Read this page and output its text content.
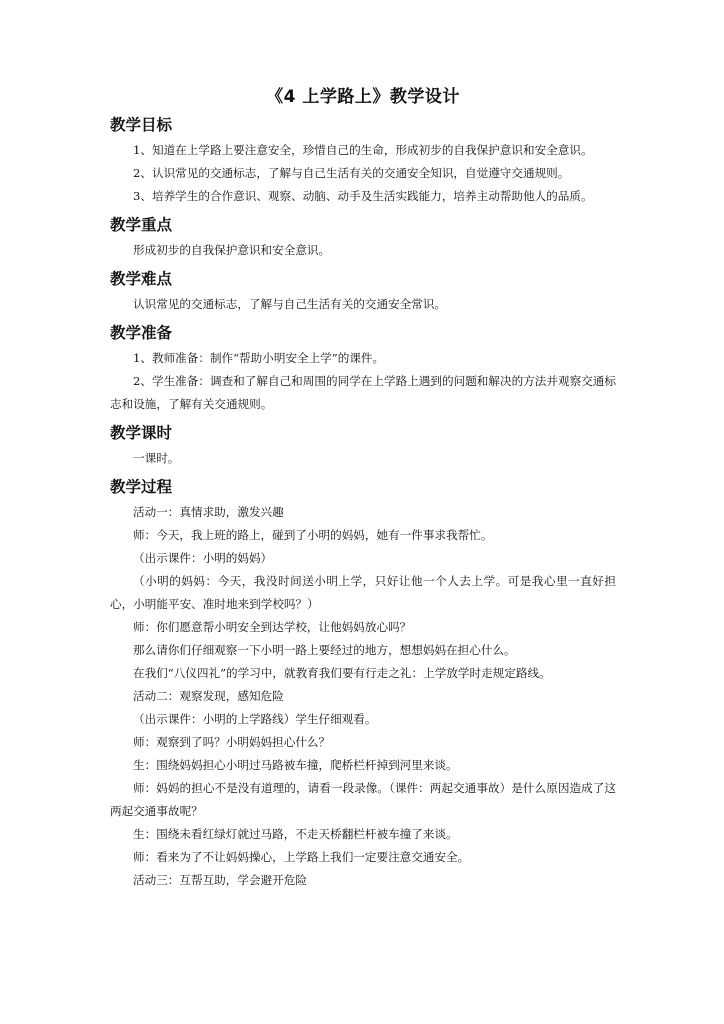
《4 上学路上》教学设计
教学目标

1、知道在上学路上要注意安全，珍惜自己的生命，形成初步的自我保护意识和安全意识。

2、认识常见的交通标志，了解与自己生活有关的交通安全知识，自觉遵守交通规则。

3、培养学生的合作意识、观察、动脑、动手及生活实践能力，培养主动帮助他人的品质。

教学重点

形成初步的自我保护意识和安全意识。

教学难点

认识常见的交通标志，了解与自己生活有关的交通安全常识。

教学准备

1、教师准备：制作“帮助小明安全上学”的课件。

2、学生准备：调查和了解自己和周围的同学在上学路上遇到的问题和解决的方法并观察交通标志和设施，了解有关交通规则。

教学课时

一课时。

教学过程

活动一：真情求助，激发兴趣

师：今天，我上班的路上，碰到了小明的妈妈，她有一件事求我帮忙。

（出示课件：小明的妈妈）

（小明的妈妈：今天，我没时间送小明上学，只好让他一个人去上学。可是我心里一直好担心，小明能平安、准时地来到学校吗？）

师：你们愿意帮小明安全到达学校，让他妈妈放心吗？

那么请你们仔细观察一下小明一路上要经过的地方，想想妈妈在担心什么。

在我们“八仪四礼”的学习中，就教育我们要有行走之礼：上学放学时走规定路线。

活动二：观察发现，感知危险

（出示课件：小明的上学路线）学生仔细观看。

师：观察到了吗？小明妈妈担心什么？

生：围绕妈妈担心小明过马路被车撞，爬桥栏杆掉到河里来谈。

师：妈妈的担心不是没有道理的，请看一段录像。（课件：两起交通事故）是什么原因造成了这两起交通事故呢？

生：围绕未看红绿灯就过马路，不走天桥翻栏杆被车撞了来谈。

师：看来为了不让妈妈操心，上学路上我们一定要注意交通安全。

活动三：互帮互助，学会避开危险
